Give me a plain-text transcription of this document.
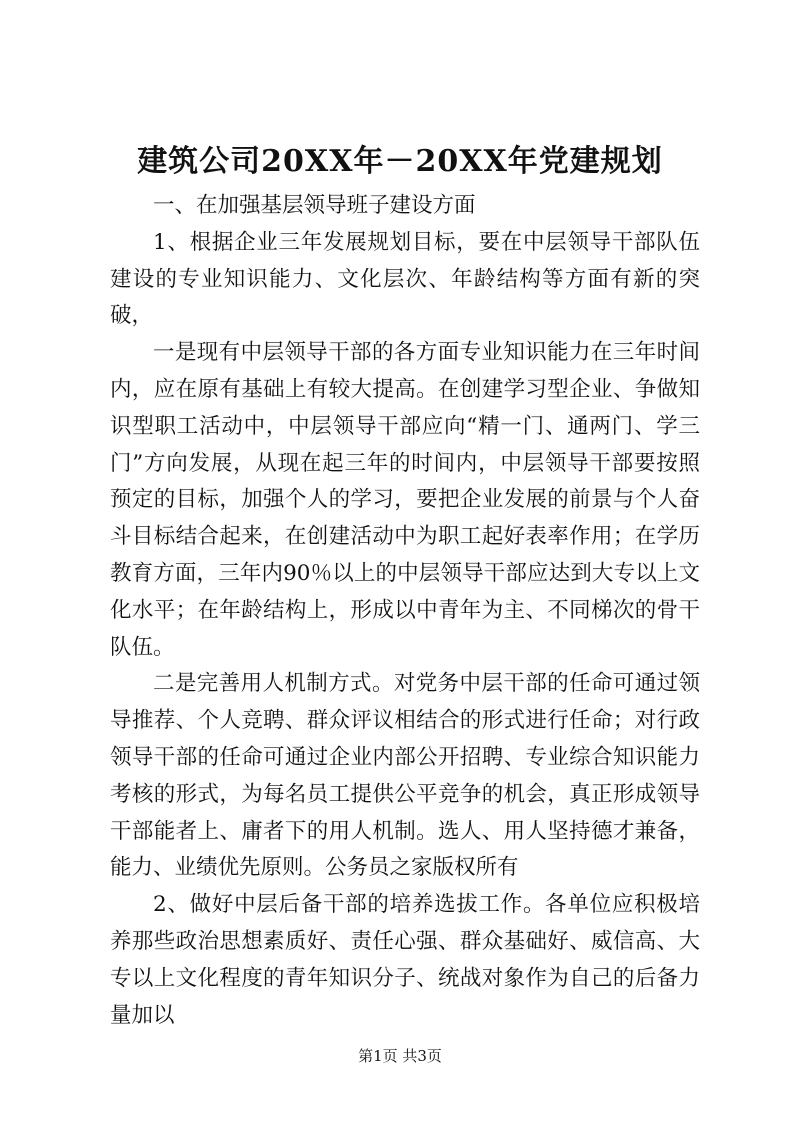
建筑公司20XX年－20XX年党建规划

一、在加强基层领导班子建设方面

1、根据企业三年发展规划目标，要在中层领导干部队伍建设的专业知识能力、文化层次、年龄结构等方面有新的突破，

一是现有中层领导干部的各方面专业知识能力在三年时间内，应在原有基础上有较大提高。在创建学习型企业、争做知识型职工活动中，中层领导干部应向“精一门、通两门、学三门”方向发展，从现在起三年的时间内，中层领导干部要按照预定的目标，加强个人的学习，要把企业发展的前景与个人奋斗目标结合起来，在创建活动中为职工起好表率作用；在学历教育方面，三年内90％以上的中层领导干部应达到大专以上文化水平；在年龄结构上，形成以中青年为主、不同梯次的骨干队伍。

二是完善用人机制方式。对党务中层干部的任命可通过领导推荐、个人竞聘、群众评议相结合的形式进行任命；对行政领导干部的任命可通过企业内部公开招聘、专业综合知识能力考核的形式，为每名员工提供公平竞争的机会，真正形成领导干部能者上、庸者下的用人机制。选人、用人坚持德才兼备，能力、业绩优先原则。公务员之家版权所有

2、做好中层后备干部的培养选拔工作。各单位应积极培养那些政治思想素质好、责任心强、群众基础好、威信高、大专以上文化程度的青年知识分子、统战对象作为自己的后备力量加以

第1页 共3页
